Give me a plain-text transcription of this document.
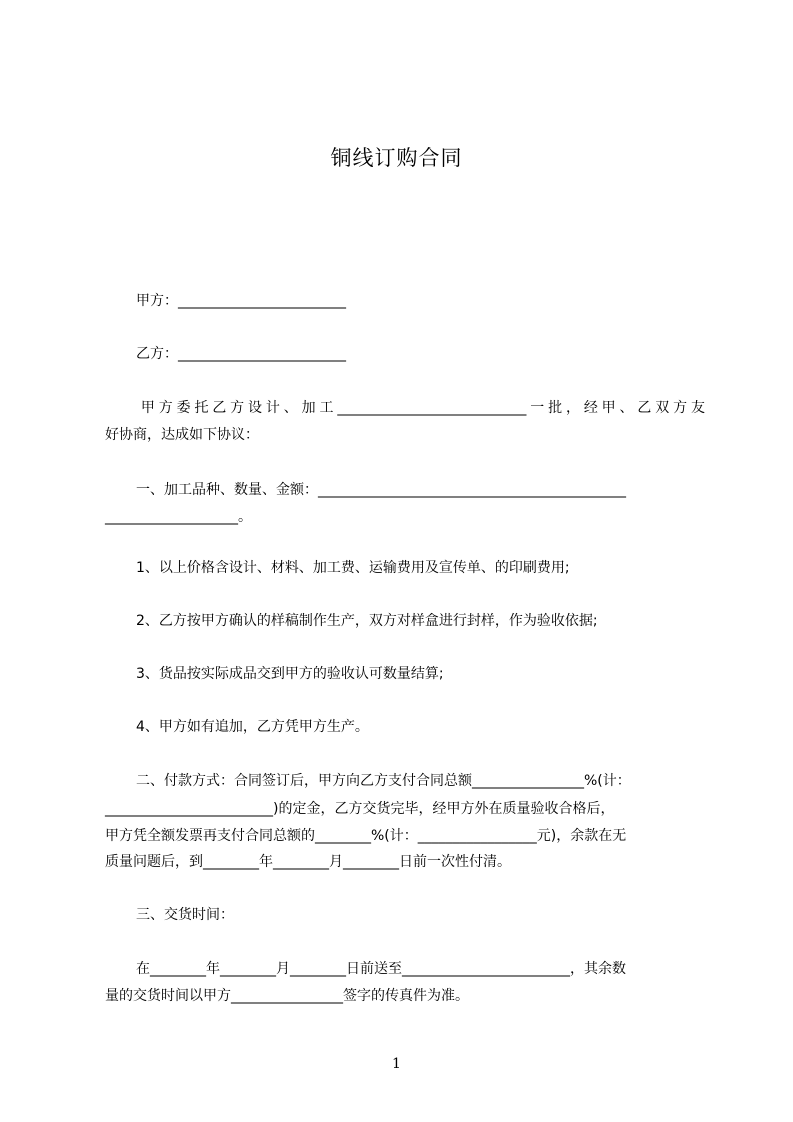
铜线订购合同
甲方：________________________
乙方：________________________
甲方委托乙方设计、加工___________________________一批，经甲、乙双方友
好协商，达成如下协议：
一、加工品种、数量、金额：____________________________________________
___________________。
1、以上价格含设计、材料、加工费、运输费用及宣传单、的印刷费用;
2、乙方按甲方确认的样稿制作生产，双方对样盒进行封样，作为验收依据;
3、货品按实际成品交到甲方的验收认可数量结算;
4、甲方如有追加，乙方凭甲方生产。
二、付款方式：合同签订后，甲方向乙方支付合同总额________________%(计：
________________________)的定金，乙方交货完毕，经甲方外在质量验收合格后，
甲方凭全额发票再支付合同总额的________%(计：_________________元)，余款在无
质量问题后，到________年________月________日前一次性付清。
三、交货时间：
在________年________月________日前送至________________________，其余数
量的交货时间以甲方________________签字的传真件为准。
1
